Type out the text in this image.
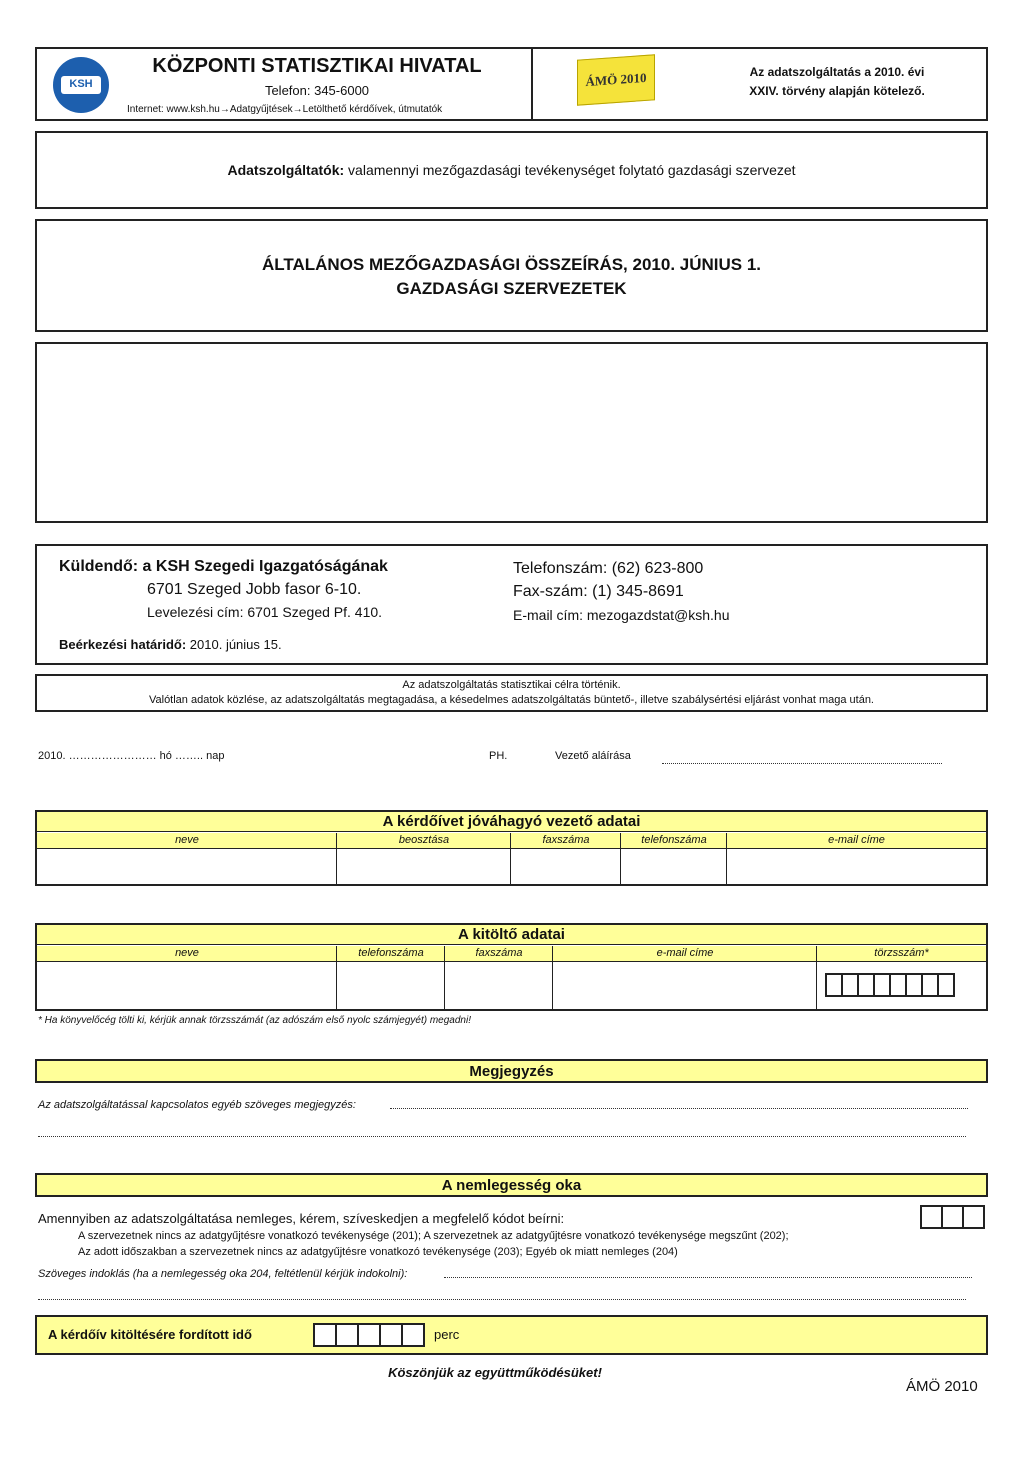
KSH
KÖZPONTI STATISZTIKAI HIVATAL
Telefon: 345-6000
Internet: www.ksh.hu→Adatgyűjtések→Letölthető kérdőívek, útmutatók
ÁMÖ 2010	Az adatszolgáltatás a 2010. évi
XXIV. törvény alapján kötelező.
Adatszolgáltatók: valamennyi mezőgazdasági tevékenységet folytató gazdasági szervezet
ÁLTALÁNOS MEZŐGAZDASÁGI ÖSSZEÍRÁS, 2010. JÚNIUS 1.
GAZDASÁGI SZERVEZETEK
Küldendő: a KSH Szegedi Igazgatóságának
6701 Szeged Jobb fasor 6-10.
Levelezési cím: 6701 Szeged Pf. 410.
Telefonszám: (62) 623-800
Fax-szám: (1) 345-8691
E-mail cím: mezogazdstat@ksh.hu
Beérkezési határidő: 2010. június 15.
Az adatszolgáltatás statisztikai célra történik.
Valótlan adatok közlése, az adatszolgáltatás megtagadása, a késedelmes adatszolgáltatás büntető-, illetve szabálysértési eljárást vonhat maga után.
2010. …………………… hó …….. nap	PH.	Vezető aláírása
A kérdőívet jóváhagyó vezető adatai
neve	beosztása	faxszáma	telefonszáma	e-mail címe
A kitöltő adatai
neve	telefonszáma	faxszáma	e-mail címe	törzsszám*
* Ha könyvelőcég tölti ki, kérjük annak törzsszámát (az adószám első nyolc számjegyét) megadni!
Megjegyzés
Az adatszolgáltatással kapcsolatos egyéb szöveges megjegyzés:
A nemlegesség oka
Amennyiben az adatszolgáltatása nemleges, kérem, szíveskedjen a megfelelő kódot beírni:
A szervezetnek nincs az adatgyűjtésre vonatkozó tevékenysége (201); A szervezetnek az adatgyűjtésre vonatkozó tevékenysége megszűnt (202);
Az adott időszakban a szervezetnek nincs az adatgyűjtésre vonatkozó tevékenysége (203); Egyéb ok miatt nemleges (204)
Szöveges indoklás (ha a nemlegesség oka 204, feltétlenül kérjük indokolni):
A kérdőív kitöltésére fordított idő	perc
Köszönjük az együttműködésüket!
ÁMÖ 2010
